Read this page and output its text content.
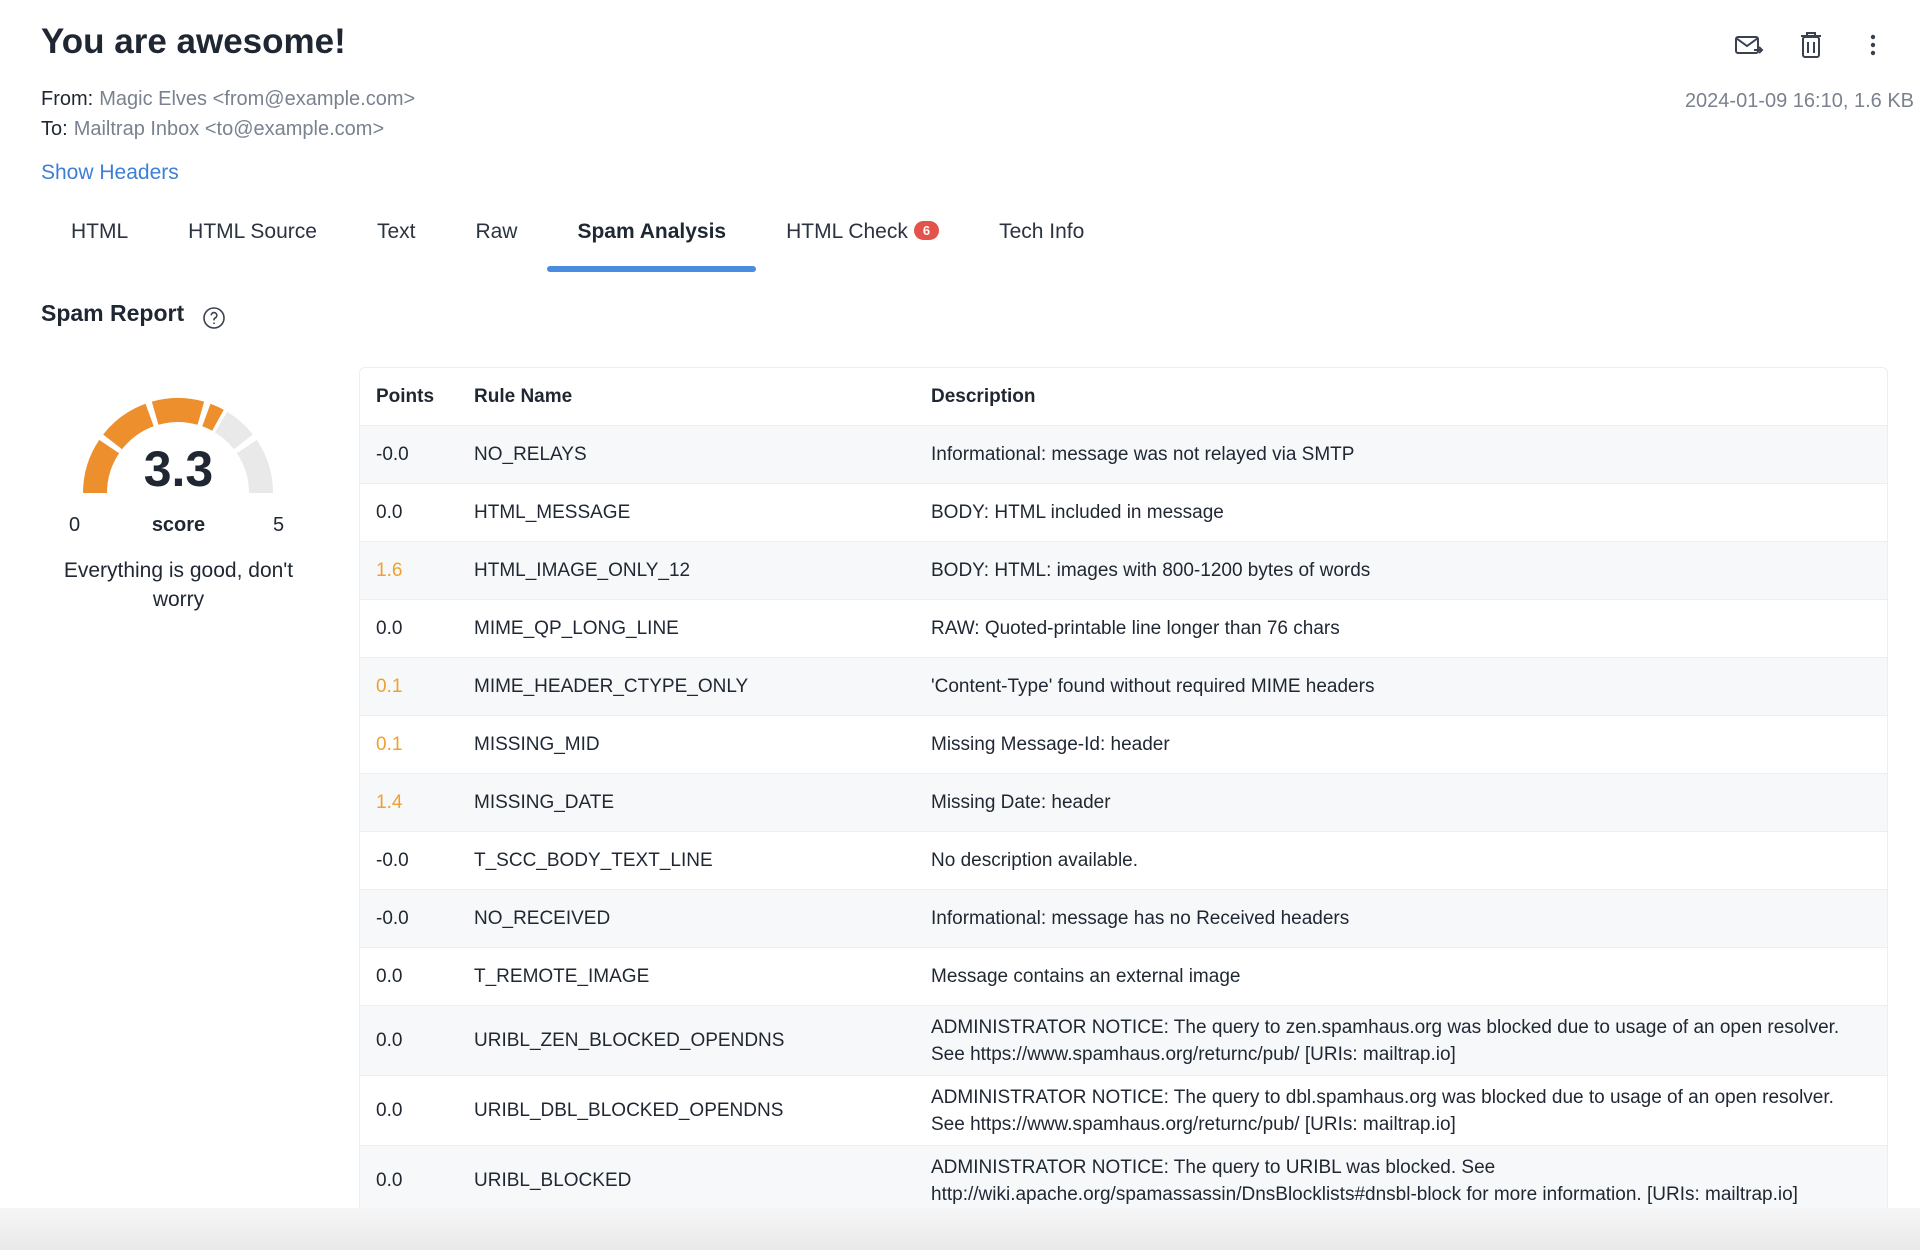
You are awesome!
From: Magic Elves <from@example.com>
To: Mailtrap Inbox <to@example.com>
2024-01-09 16:10, 1.6 KB
Show Headers
HTML	HTML Source	Text	Raw	Spam Analysis	HTML Check 6	Tech Info
Spam Report
3.3
0	score	5
Everything is good, don't worry
Points	Rule Name	Description
-0.0	NO_RELAYS	Informational: message was not relayed via SMTP
0.0	HTML_MESSAGE	BODY: HTML included in message
1.6	HTML_IMAGE_ONLY_12	BODY: HTML: images with 800-1200 bytes of words
0.0	MIME_QP_LONG_LINE	RAW: Quoted-printable line longer than 76 chars
0.1	MIME_HEADER_CTYPE_ONLY	'Content-Type' found without required MIME headers
0.1	MISSING_MID	Missing Message-Id: header
1.4	MISSING_DATE	Missing Date: header
-0.0	T_SCC_BODY_TEXT_LINE	No description available.
-0.0	NO_RECEIVED	Informational: message has no Received headers
0.0	T_REMOTE_IMAGE	Message contains an external image
0.0	URIBL_ZEN_BLOCKED_OPENDNS	ADMINISTRATOR NOTICE: The query to zen.spamhaus.org was blocked due to usage of an open resolver. See https://www.spamhaus.org/returnc/pub/ [URIs: mailtrap.io]
0.0	URIBL_DBL_BLOCKED_OPENDNS	ADMINISTRATOR NOTICE: The query to dbl.spamhaus.org was blocked due to usage of an open resolver. See https://www.spamhaus.org/returnc/pub/ [URIs: mailtrap.io]
0.0	URIBL_BLOCKED	ADMINISTRATOR NOTICE: The query to URIBL was blocked. See http://wiki.apache.org/spamassassin/DnsBlocklists#dnsbl-block for more information. [URIs: mailtrap.io]
